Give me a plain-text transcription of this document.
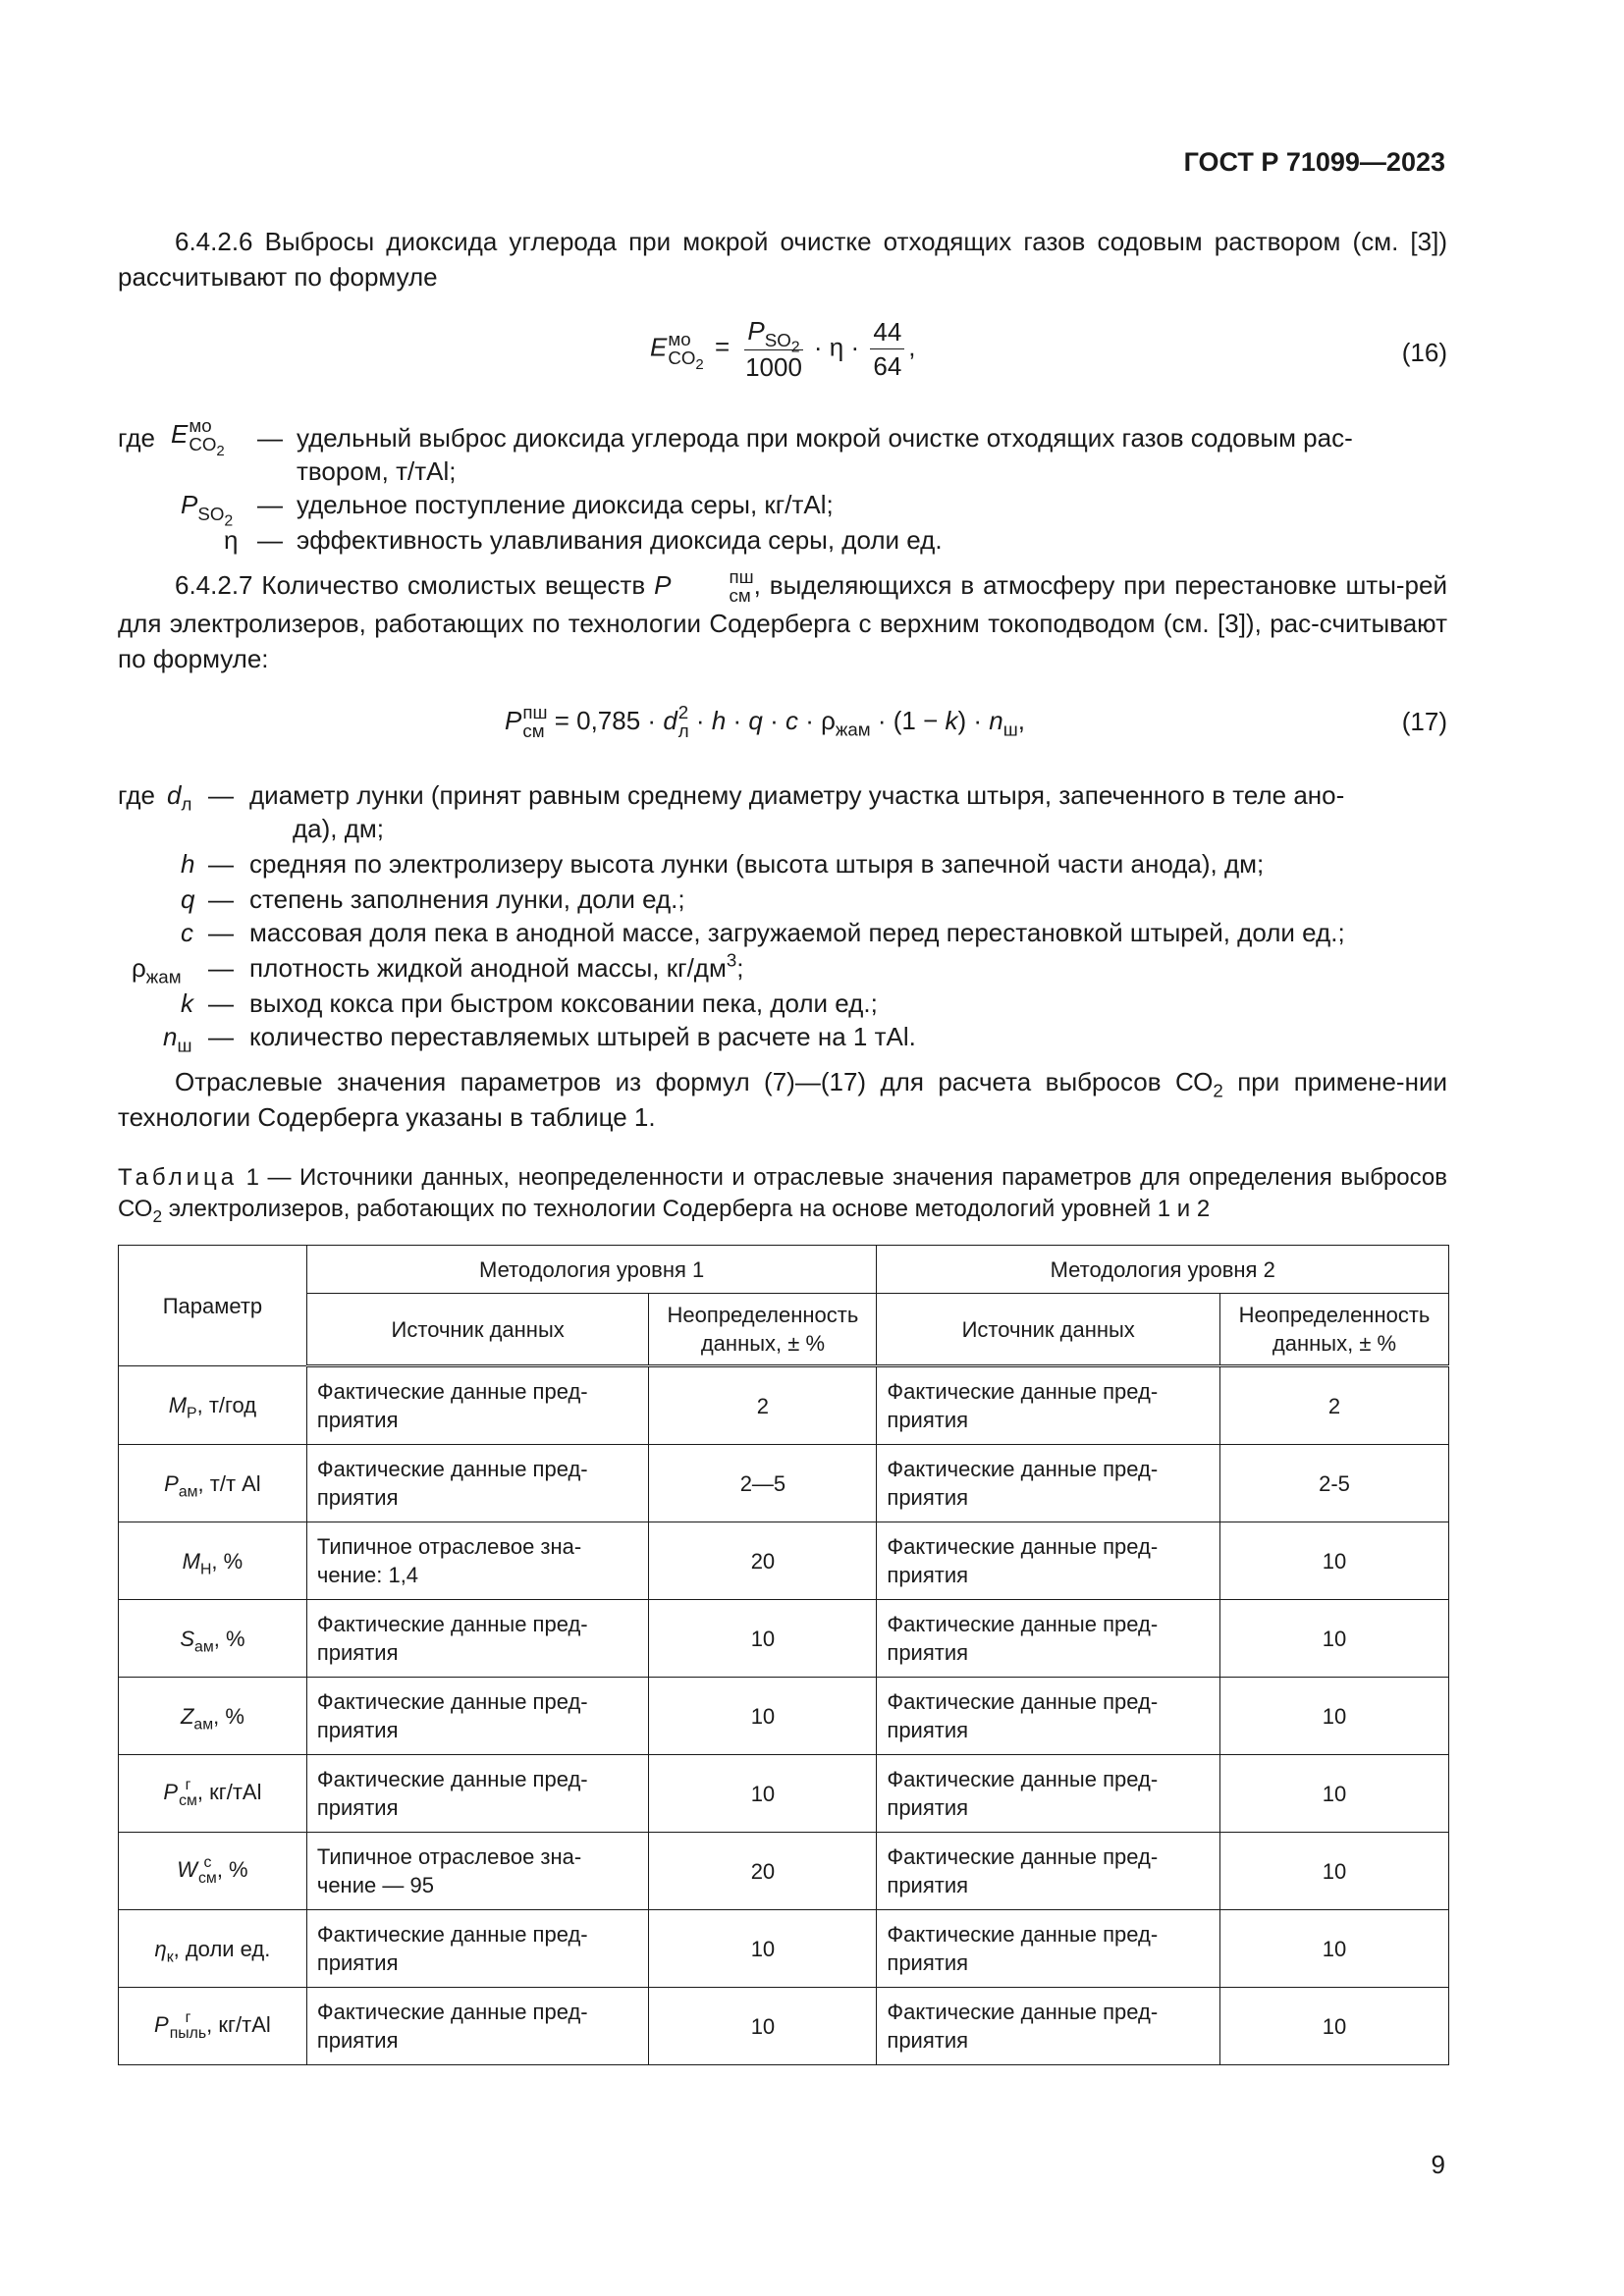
ГОСТ Р 71099—2023
6.4.2.6 Выбросы диоксида углерода при мокрой очистке отходящих газов содовым раствором (см. [3]) рассчитывают по формуле
E мо
$CO_2$
= $\frac{P_{SO_2}}{1000} \cdot \eta \cdot \frac{44}{64}$ ,	(16)
где E мо
$CO_2$ — удельный выброс диоксида углерода при мокрой очистке отходящих газов содовым рас-
твором, т/тAl;
$P_{SO_2}$
— удельное поступление диоксида серы, кг/тAl;
η — эффективность улавливания диоксида серы, доли ед.
6.4.2.7 Количество смолистых веществ P	пш
см , выделяющихся в атмосферу при перестановке шты-рей для электролизеров, работающих по технологии Содерберга с верхним токоподводом (см. [3]), рас-считывают по формуле:
P пш
см = 0,785 · d 2
$л \cdot h \cdot q \cdot c \cdot \rho_{жам} \cdot (1 - k) \cdot n_ш$,	(17)
где $d_л$ — диаметр лунки (принят равным среднему диаметру участка штыря, запеченного в теле ано-
да), дм;
h — средняя по электролизеру высота лунки (высота штыря в запечной части анода), дм;
q — степень заполнения лунки, доли ед.;
c — массовая доля пека в анодной массе, загружаемой перед перестановкой штырей, доли ед.;
$\rho_{жам}$ — плотность жидкой анодной массы, $кг/дм^3$;
k — выход кокса при быстром коксовании пека, доли ед.;
$n_ш$ — количество переставляемых штырей в расчете на 1 тAl.
Отраслевые значения параметров из формул (7)—(17) для расчета выбросов $СО_2$ при примене-нии технологии Содерберга указаны в таблице 1.
Таблица 1 — Источники данных, неопределенности и отраслевые значения параметров для определения выбросов $СО_2$ электролизеров, работающих по технологии Содерберга на основе методологий уровней 1 и 2
Параметр	Методология уровня 1		Методология уровня 2	
	Источник данных	Неопределенность данных, ± %	Источник данных	Неопределенность данных, ± %
$M_Р$, т/год	Фактические данные пред-приятия	2	Фактические данные пред-приятия	2
$P_{ам}$, т/т Al	Фактические данные пред-приятия	2—5	Фактические данные пред-приятия	2-5
$M_Н$, %	Типичное отраслевое зна-чение: 1,4	20	Фактические данные пред-приятия	10
$S_{ам}$, %	Фактические данные пред-приятия	10	Фактические данные пред-приятия	10
$Z_{ам}$, %	Фактические данные пред-приятия	10	Фактические данные пред-приятия	10
P г
см , кг/тAl	Фактические данные пред-приятия	10	Фактические данные пред-приятия	10
W с
см , %	Типичное отраслевое зна-чение — 95	20	Фактические данные пред-приятия	10
$\eta_к$, доли ед.	Фактические данные пред-приятия	10	Фактические данные пред-приятия	10
P г
пыль , кг/тAl	Фактические данные пред-приятия	10	Фактические данные пред-приятия	10
9
